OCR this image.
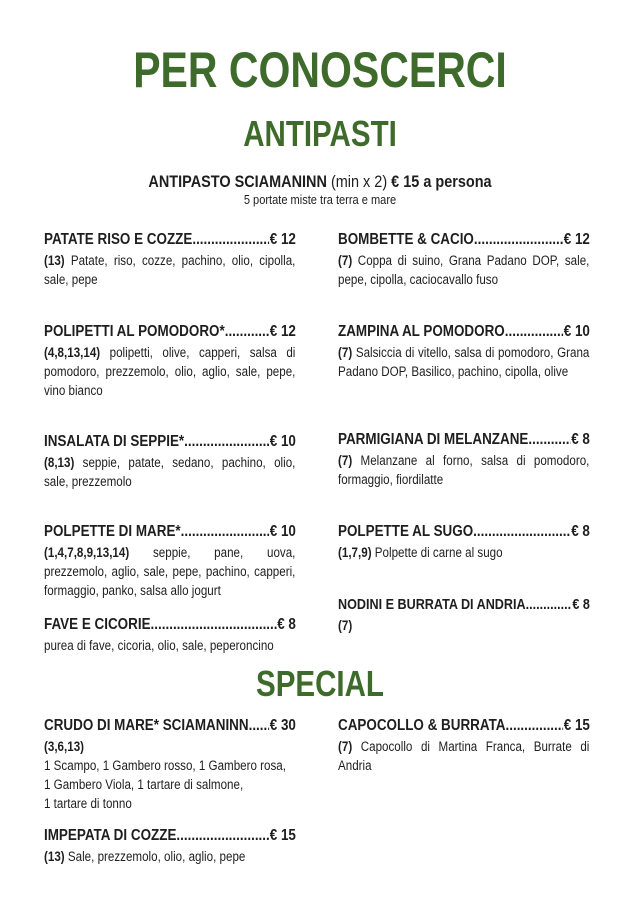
PER CONOSCERCI
ANTIPASTI
ANTIPASTO SCIAMANINN (min x 2) € 15 a persona
5 portate miste tra terra e mare
PATATE RISO E COZZE .....	€ 12
(13) Patate, riso, cozze, pachino, olio, cipolla, sale, pepe
POLIPETTI AL POMODORO* .....	€ 12
(4,8,13,14) polipetti, olive, capperi, salsa di pomodoro, prezzemolo, olio, aglio, sale, pepe, vino bianco
INSALATA DI SEPPIE* .....	€ 10
(8,13) seppie, patate, sedano, pachino, olio, sale, prezzemolo
POLPETTE DI MARE* .....	€ 10
(1,4,7,8,9,13,14) seppie, pane, uova, prezzemolo, aglio, sale, pepe, pachino, capperi, formaggio, panko, salsa allo jogurt
FAVE E CICORIE .....	€ 8
purea di fave, cicoria, olio, sale, peperoncino
BOMBETTE & CACIO .....	€ 12
(7) Coppa di suino, Grana Padano DOP, sale, pepe, cipolla, caciocavallo fuso
ZAMPINA AL POMODORO .....	€ 10
(7) Salsiccia di vitello, salsa di pomodoro, Grana Padano DOP, Basilico, pachino, cipolla, olive
PARMIGIANA DI MELANZANE .....	€ 8
(7) Melanzane al forno, salsa di pomodoro, formaggio, fiordilatte
POLPETTE AL SUGO .....	€ 8
(1,7,9) Polpette di carne al sugo
NODINI E BURRATA DI ANDRIA .....	€ 8
(7)
SPECIAL
CRUDO DI MARE* SCIAMANINN ..... € 30
(3,6,13)
1 Scampo, 1 Gambero rosso, 1 Gambero rosa,
1 Gambero Viola, 1 tartare di salmone,
1 tartare di tonno
IMPEPATA DI COZZE .....	€ 15
(13) Sale, prezzemolo, olio, aglio, pepe
CAPOCOLLO & BURRATA .....	€ 15
(7) Capocollo di Martina Franca, Burrate di Andria
